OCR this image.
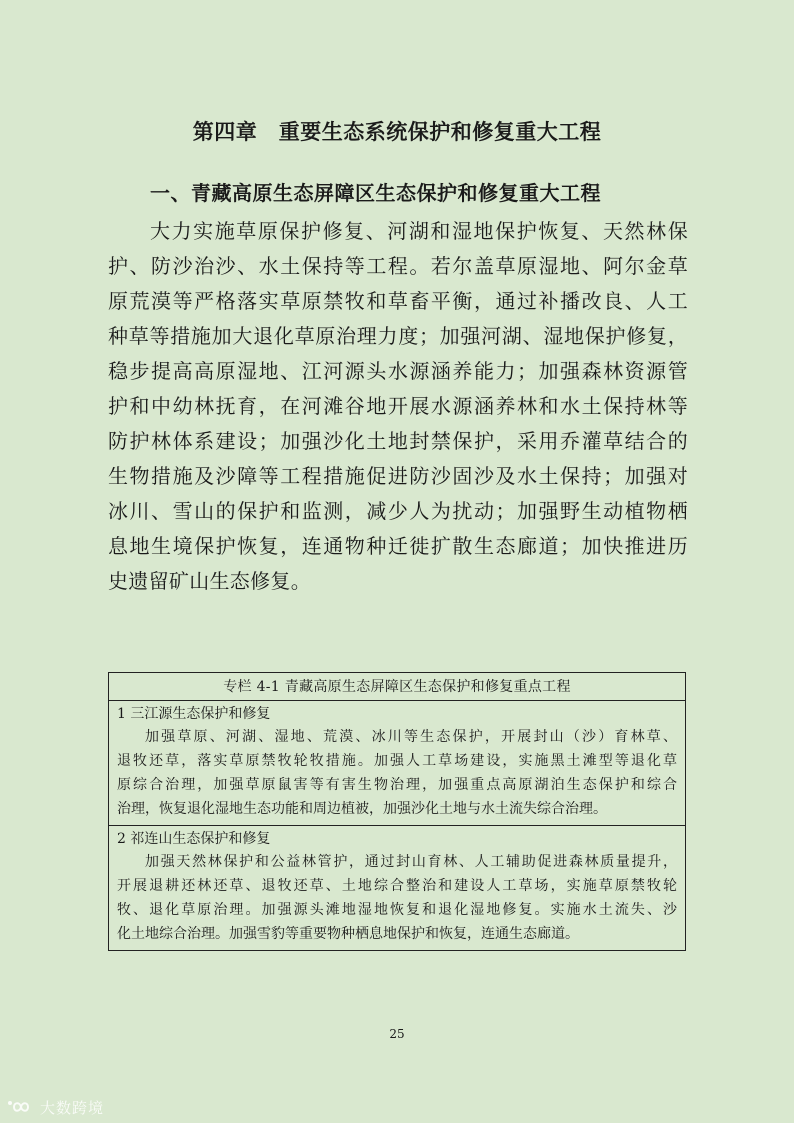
第四章　重要生态系统保护和修复重大工程
一、青藏高原生态屏障区生态保护和修复重大工程
大力实施草原保护修复、河湖和湿地保护恢复、天然林保
护、防沙治沙、水土保持等工程。若尔盖草原湿地、阿尔金草
原荒漠等严格落实草原禁牧和草畜平衡，通过补播改良、人工
种草等措施加大退化草原治理力度；加强河湖、湿地保护修复，
稳步提高高原湿地、江河源头水源涵养能力；加强森林资源管
护和中幼林抚育，在河滩谷地开展水源涵养林和水土保持林等
防护林体系建设；加强沙化土地封禁保护，采用乔灌草结合的
生物措施及沙障等工程措施促进防沙固沙及水土保持；加强对
冰川、雪山的保护和监测，减少人为扰动；加强野生动植物栖
息地生境保护恢复，连通物种迁徙扩散生态廊道；加快推进历
史遗留矿山生态修复。
专栏 4-1 青藏高原生态屏障区生态保护和修复重点工程
1 三江源生态保护和修复
加强草原、河湖、湿地、荒漠、冰川等生态保护，开展封山（沙）育林草、
退牧还草，落实草原禁牧轮牧措施。加强人工草场建设，实施黑土滩型等退化草
原综合治理，加强草原鼠害等有害生物治理，加强重点高原湖泊生态保护和综合
治理，恢复退化湿地生态功能和周边植被，加强沙化土地与水土流失综合治理。
2 祁连山生态保护和修复
加强天然林保护和公益林管护，通过封山育林、人工辅助促进森林质量提升，
开展退耕还林还草、退牧还草、土地综合整治和建设人工草场，实施草原禁牧轮
牧、退化草原治理。加强源头滩地湿地恢复和退化湿地修复。实施水土流失、沙
化土地综合治理。加强雪豹等重要物种栖息地保护和恢复，连通生态廊道。
25
大数跨境
